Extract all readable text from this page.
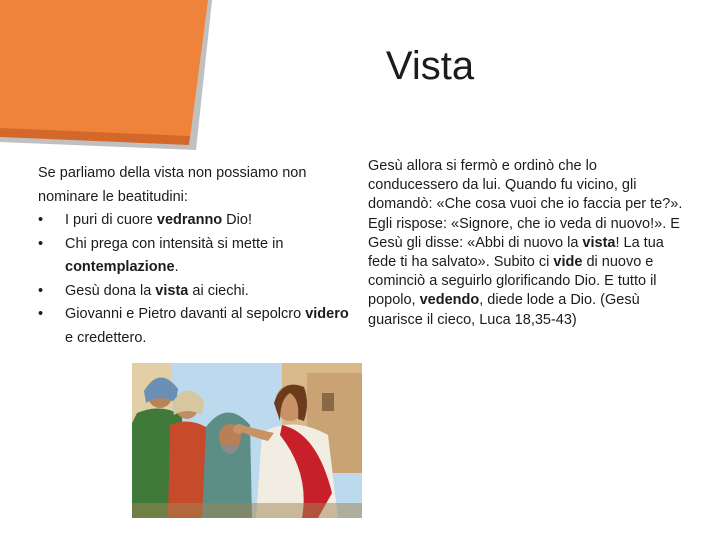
Vista

Se parliamo della vista non possiamo non nominare le beatitudini:

• I puri di cuore vedranno Dio!
• Chi prega con intensità si mette in contemplazione.
• Gesù dona la vista ai ciechi.
• Giovanni e Pietro davanti al sepolcro videro e credettero.

Gesù allora si fermò e ordinò che lo conducessero da lui. Quando fu vicino, gli domandò: «Che cosa vuoi che io faccia per te?». Egli rispose: «Signore, che io veda di nuovo!». E Gesù gli disse: «Abbi di nuovo la vista! La tua fede ti ha salvato». Subito ci vide di nuovo e cominciò a seguirlo glorificando Dio. E tutto il popolo, vedendo, diede lode a Dio. (Gesù guarisce il cieco, Luca 18,35-43)
